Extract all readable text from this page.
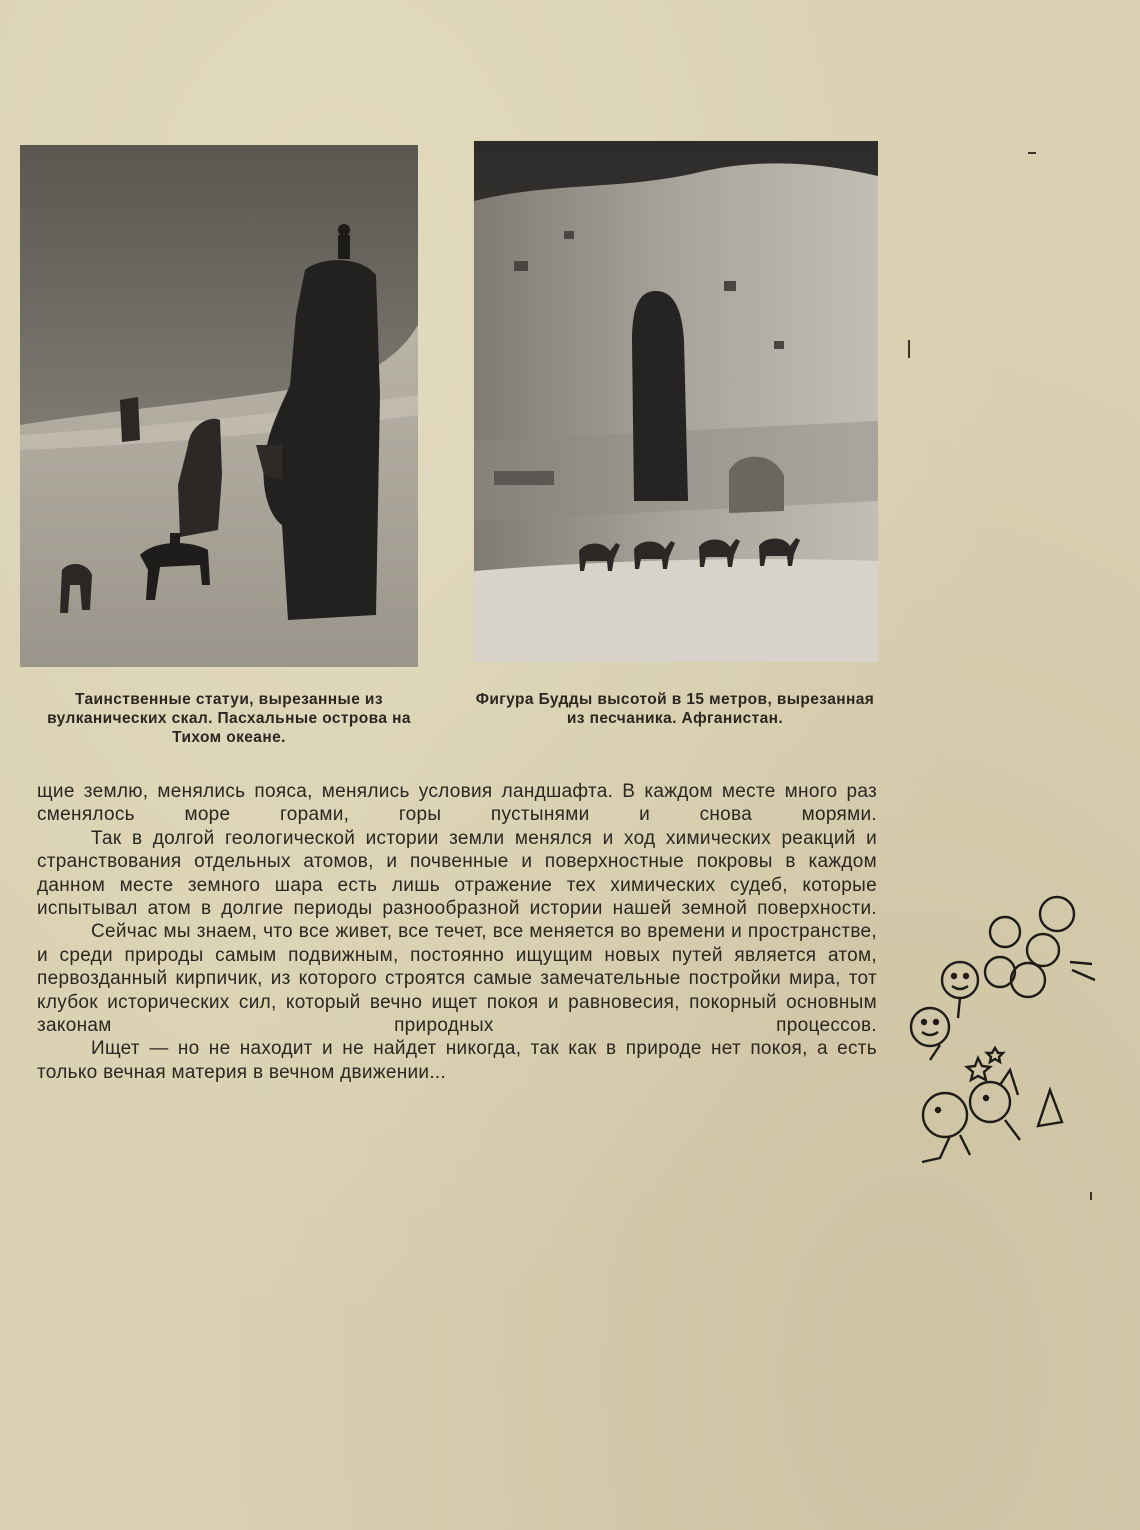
Таинственные статуи, вырезанные из вулканических скал. Пасхальные острова на Тихом океане.
Фигура Будды высотой в 15 метров, вырезанная из песчаника. Афганистан.

щие землю, менялись пояса, менялись условия ландшафта. В каждом месте много раз сменялось море горами, горы пустынями и снова морями.

Так в долгой геологической истории земли менялся и ход химических реакций и странствования отдельных атомов, и почвенные и поверхностные покровы в каждом данном месте земного шара есть лишь отражение тех химических судеб, которые испытывал атом в долгие периоды разнообразной истории нашей земной поверхности.

Сейчас мы знаем, что все живет, все течет, все меняется во времени и пространстве, и среди природы самым подвижным, постоянно ищущим новых путей является атом, первозданный кирпичик, из которого строятся самые замечательные постройки мира, тот клубок исторических сил, который вечно ищет покоя и равновесия, покорный основным законам природных процессов.

Ищет — но не находит и не найдет никогда, так как в природе нет покоя, а есть только вечная материя в вечном движении...
